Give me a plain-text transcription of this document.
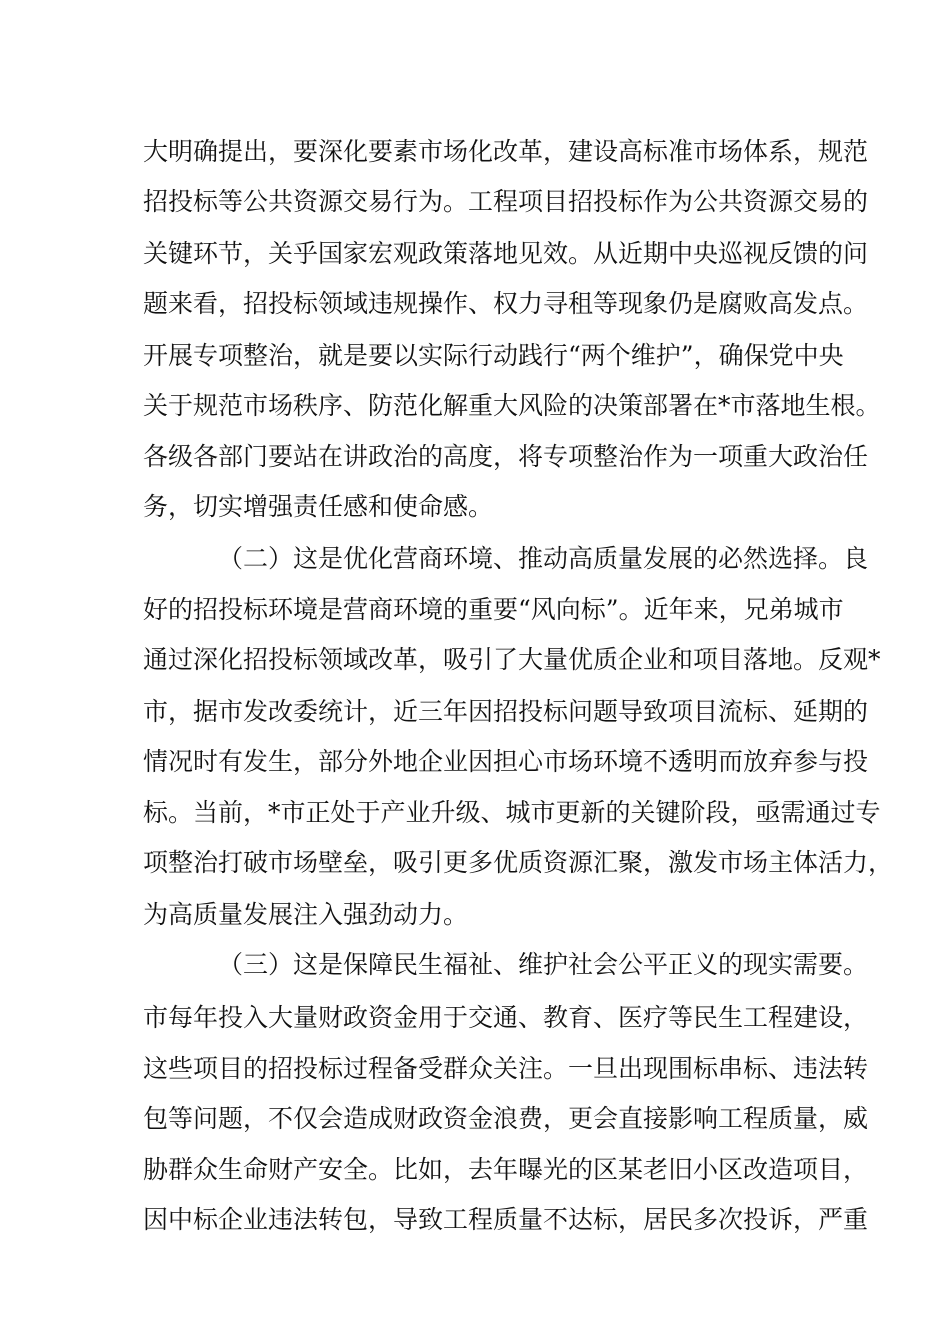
大明确提出，要深化要素市场化改革，建设高标准市场体系，规范
招投标等公共资源交易行为。工程项目招投标作为公共资源交易的
关键环节，关乎国家宏观政策落地见效。从近期中央巡视反馈的问
题来看，招投标领域违规操作、权力寻租等现象仍是腐败高发点。
开展专项整治，就是要以实际行动践行“两个维护”，确保党中央
关于规范市场秩序、防范化解重大风险的决策部署在*市落地生根。
各级各部门要站在讲政治的高度，将专项整治作为一项重大政治任
务，切实增强责任感和使命感。
（二）这是优化营商环境、推动高质量发展的必然选择。良
好的招投标环境是营商环境的重要“风向标”。近年来，兄弟城市
通过深化招投标领域改革，吸引了大量优质企业和项目落地。反观*
市，据市发改委统计，近三年因招投标问题导致项目流标、延期的
情况时有发生，部分外地企业因担心市场环境不透明而放弃参与投
标。当前，*市正处于产业升级、城市更新的关键阶段，亟需通过专
项整治打破市场壁垒，吸引更多优质资源汇聚，激发市场主体活力，
为高质量发展注入强劲动力。
（三）这是保障民生福祉、维护社会公平正义的现实需要。
市每年投入大量财政资金用于交通、教育、医疗等民生工程建设，
这些项目的招投标过程备受群众关注。一旦出现围标串标、违法转
包等问题，不仅会造成财政资金浪费，更会直接影响工程质量，威
胁群众生命财产安全。比如，去年曝光的区某老旧小区改造项目，
因中标企业违法转包，导致工程质量不达标，居民多次投诉，严重
